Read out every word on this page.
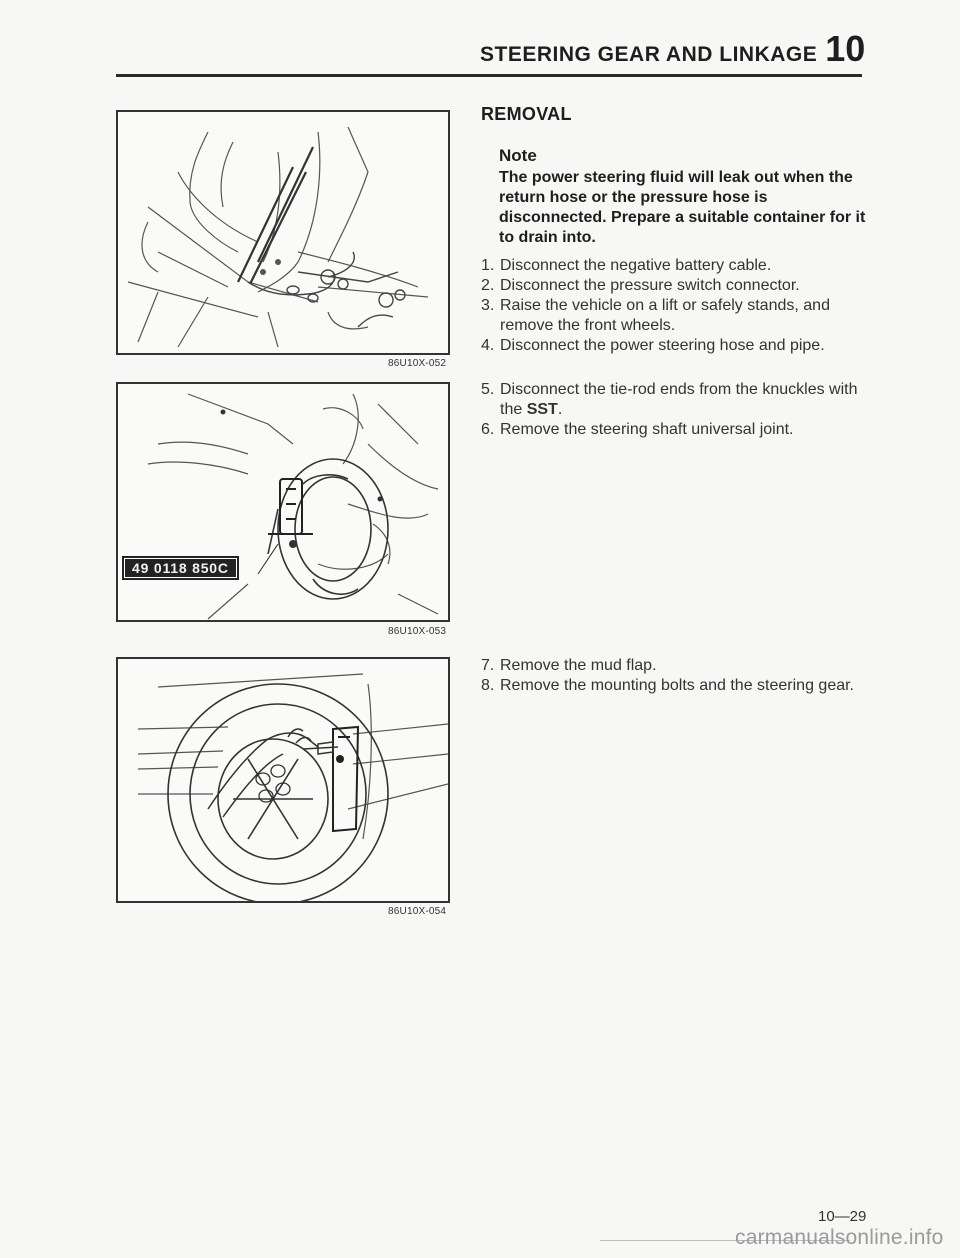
STEERING GEAR AND LINKAGE 10
86U10X-052
49 0118 850C
86U10X-053
86U10X-054
REMOVAL
Note
The power steering fluid will leak out when the return hose or the pressure hose is disconnected. Prepare a suitable container for it to drain into.
1. Disconnect the negative battery cable.
2. Disconnect the pressure switch connector.
3. Raise the vehicle on a lift or safely stands, and remove the front wheels.
4. Disconnect the power steering hose and pipe.
5. Disconnect the tie-rod ends from the knuckles with the SST.
6. Remove the steering shaft universal joint.
7. Remove the mud flap.
8. Remove the mounting bolts and the steering gear.
10—29
carmanualsonline.info
